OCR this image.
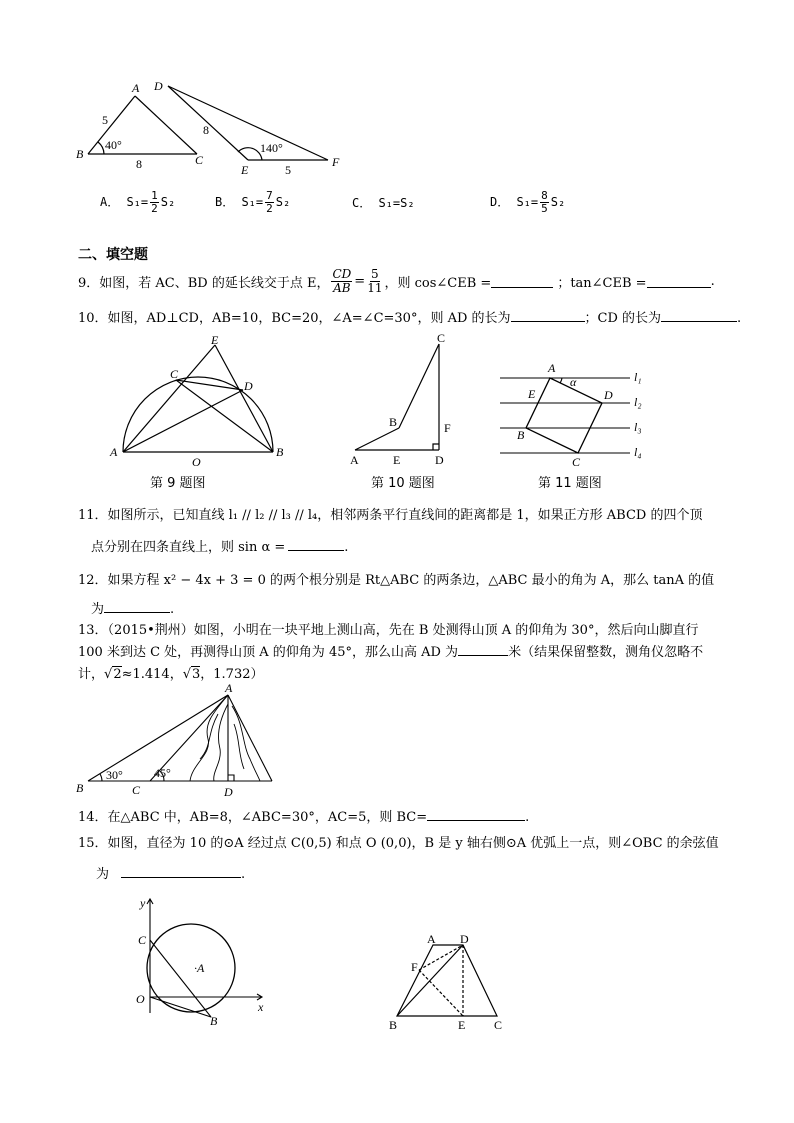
A
B	C
D
E
F
5
8
8
5
40°	140°
A． $S_1= \frac{1}{2} S_2$	B． $S_1= \frac{7}{2} S_2$	C． S₁=S₂	D． $S_1= \frac{8}{5} S_2$
二、填空题
9．如图，若 AC、BD 的延长线交于点 E， $\frac{CD}{AB} = \frac{5}{11}$ ，则 cos∠CEB =	；tan∠CEB =	.
10．如图，AD⊥CD，AB=10，BC=20，∠A=∠C=30°，则 AD 的长为	；CD 的长为	.
A	B
C
D
E
O
第 9 题图
A
B
C
D
E
F
第 10 题图
A
B
C
D
E
α	l₁
l₂
l₃
l₄
第 11 题图
11．如图所示，已知直线 l₁ // l₂ // l₃ // l₄，相邻两条平行直线间的距离都是 1，如果正方形 ABCD 的四个顶
点分别在四条直线上，则 sin α =	.
12．如果方程 x² − 4x + 3 = 0 的两个根分别是 Rt△ABC 的两条边，△ABC 最小的角为 A，那么 tanA 的值
为	.
13．（2015•荆州）如图，小明在一块平地上测山高，先在 B 处测得山顶 A 的仰角为 30°，然后向山脚直行
100 米到达 C 处，再测得山顶 A 的仰角为 45°，那么山高 AD 为	米（结果保留整数，测角仪忽略不
计，√2≈1.414，√3，1.732）
A
B	C	D
30°	45°
14．在△ABC 中，AB=8，∠ABC=30°，AC=5，则 BC=	.
15．如图，直径为 10 的⊙A 经过点 C(0,5) 和点 O (0,0)，B 是 y 轴右侧⊙A 优弧上一点，则∠OBC 的余弦值
为	.
x
y
C
O
·A
B
A D
F
B	E C
